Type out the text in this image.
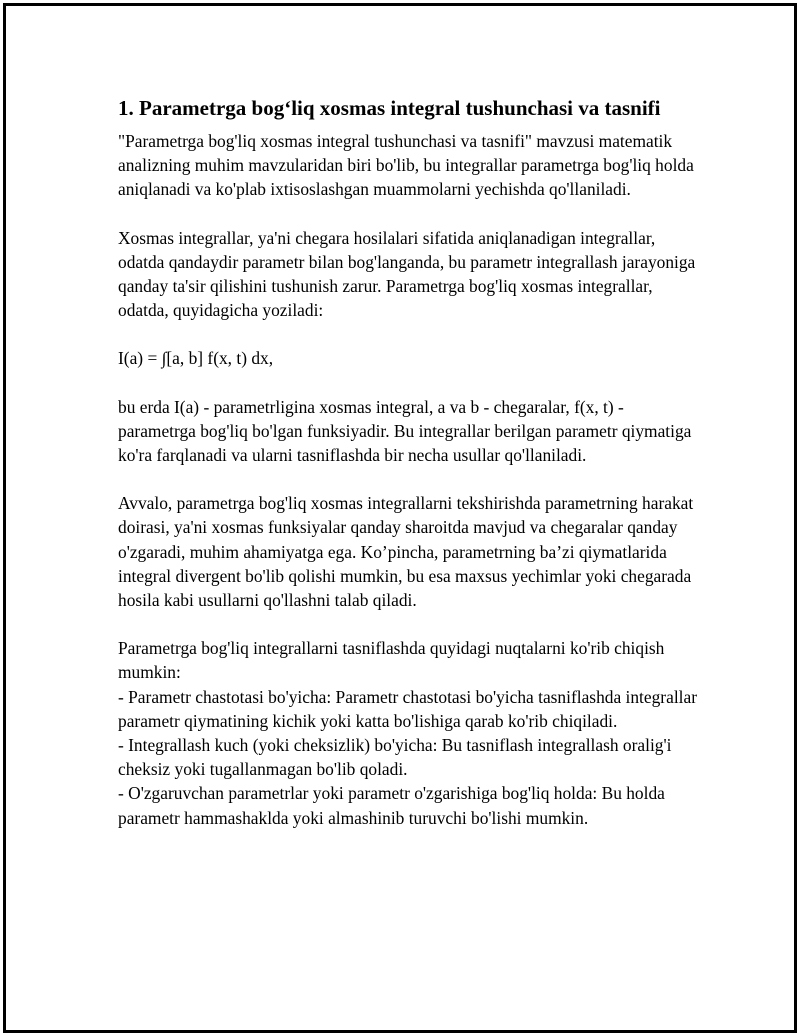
1. Parametrga bog‘liq xosmas integral tushunchasi va tasnifi

"Parametrga bog'liq xosmas integral tushunchasi va tasnifi" mavzusi matematik analizning muhim mavzularidan biri bo'lib, bu integrallar parametrga bog'liq holda aniqlanadi va ko'plab ixtisoslashgan muammolarni yechishda qo'llaniladi.

Xosmas integrallar, ya'ni chegara hosilalari sifatida aniqlanadigan integrallar, odatda qandaydir parametr bilan bog'langanda, bu parametr integrallash jarayoniga qanday ta'sir qilishini tushunish zarur. Parametrga bog'liq xosmas integrallar, odatda, quyidagicha yoziladi:

I(a) = ∫[a, b] f(x, t) dx,

bu erda I(a) - parametrligina xosmas integral, a va b - chegaralar, f(x, t) - parametrga bog'liq bo'lgan funksiyadir. Bu integrallar berilgan parametr qiymatiga ko'ra farqlanadi va ularni tasniflashda bir necha usullar qo'llaniladi.

Avvalo, parametrga bog'liq xosmas integrallarni tekshirishda parametrning harakat doirasi, ya'ni xosmas funksiyalar qanday sharoitda mavjud va chegaralar qanday o'zgaradi, muhim ahamiyatga ega. Ko’pincha, parametrning ba’zi qiymatlarida integral divergent bo'lib qolishi mumkin, bu esa maxsus yechimlar yoki chegarada hosila kabi usullarni qo'llashni talab qiladi.

Parametrga bog'liq integrallarni tasniflashda quyidagi nuqtalarni ko'rib chiqish mumkin:

- Parametr chastotasi bo'yicha: Parametr chastotasi bo'yicha tasniflashda integrallar parametr qiymatining kichik yoki katta bo'lishiga qarab ko'rib chiqiladi.

- Integrallash kuch (yoki cheksizlik) bo'yicha: Bu tasniflash integrallash oralig'i cheksiz yoki tugallanmagan bo'lib qoladi.

- O'zgaruvchan parametrlar yoki parametr o'zgarishiga bog'liq holda: Bu holda parametr hammashaklda yoki almashinib turuvchi bo'lishi mumkin.
